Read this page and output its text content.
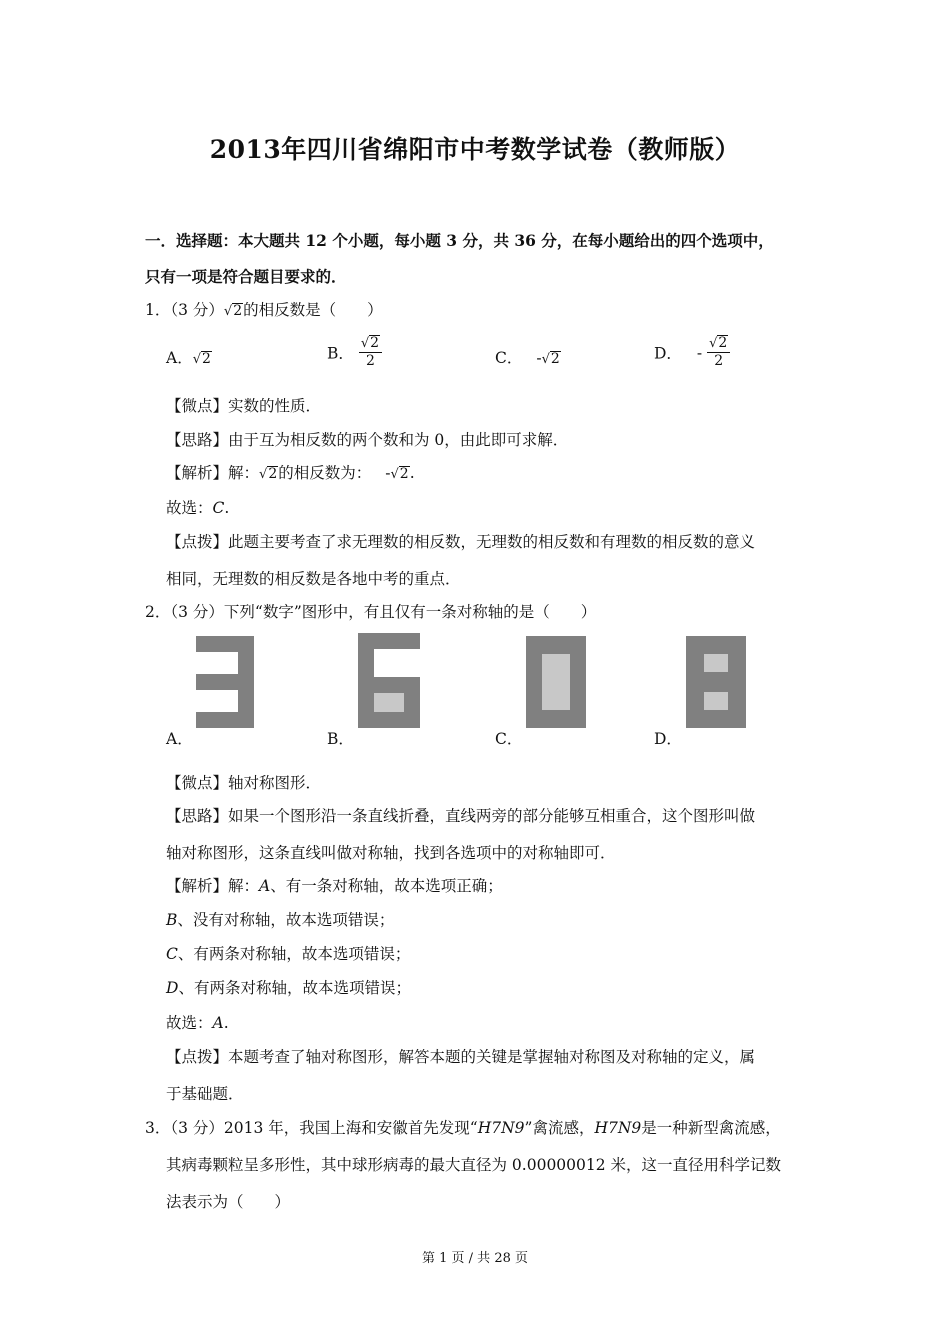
2013年四川省绵阳市中考数学试卷（教师版）
一．选择题：本大题共 12 个小题，每小题 3 分，共 36 分，在每小题给出的四个选项中，
只有一项是符合题目要求的．
1．（3 分）√2的相反数是（　　）
A．√2	B． $\frac{√2}{2}$	C． -√2	D． - $\frac{√2}{2}$
【微点】实数的性质．
【思路】由于互为相反数的两个数和为 0，由此即可求解．
【解析】解：√2的相反数为： -√2.
故选：C.
【点拨】此题主要考查了求无理数的相反数，无理数的相反数和有理数的相反数的意义
相同，无理数的相反数是各地中考的重点．
2．（3 分）下列“数字”图形中，有且仅有一条对称轴的是（　　）
A．	B．	C．	D．
【微点】轴对称图形．
【思路】如果一个图形沿一条直线折叠，直线两旁的部分能够互相重合，这个图形叫做
轴对称图形，这条直线叫做对称轴，找到各选项中的对称轴即可．
【解析】解：A、有一条对称轴，故本选项正确；
B、没有对称轴，故本选项错误；
C、有两条对称轴，故本选项错误；
D、有两条对称轴，故本选项错误；
故选：A.
【点拨】本题考查了轴对称图形，解答本题的关键是掌握轴对称图及对称轴的定义，属
于基础题．
3．（3 分）2013 年，我国上海和安徽首先发现“H7N9”禽流感，H7N9是一种新型禽流感，
其病毒颗粒呈多形性，其中球形病毒的最大直径为 0.00000012 米，这一直径用科学记数
法表示为（　　）
第 1 页 / 共 28 页
